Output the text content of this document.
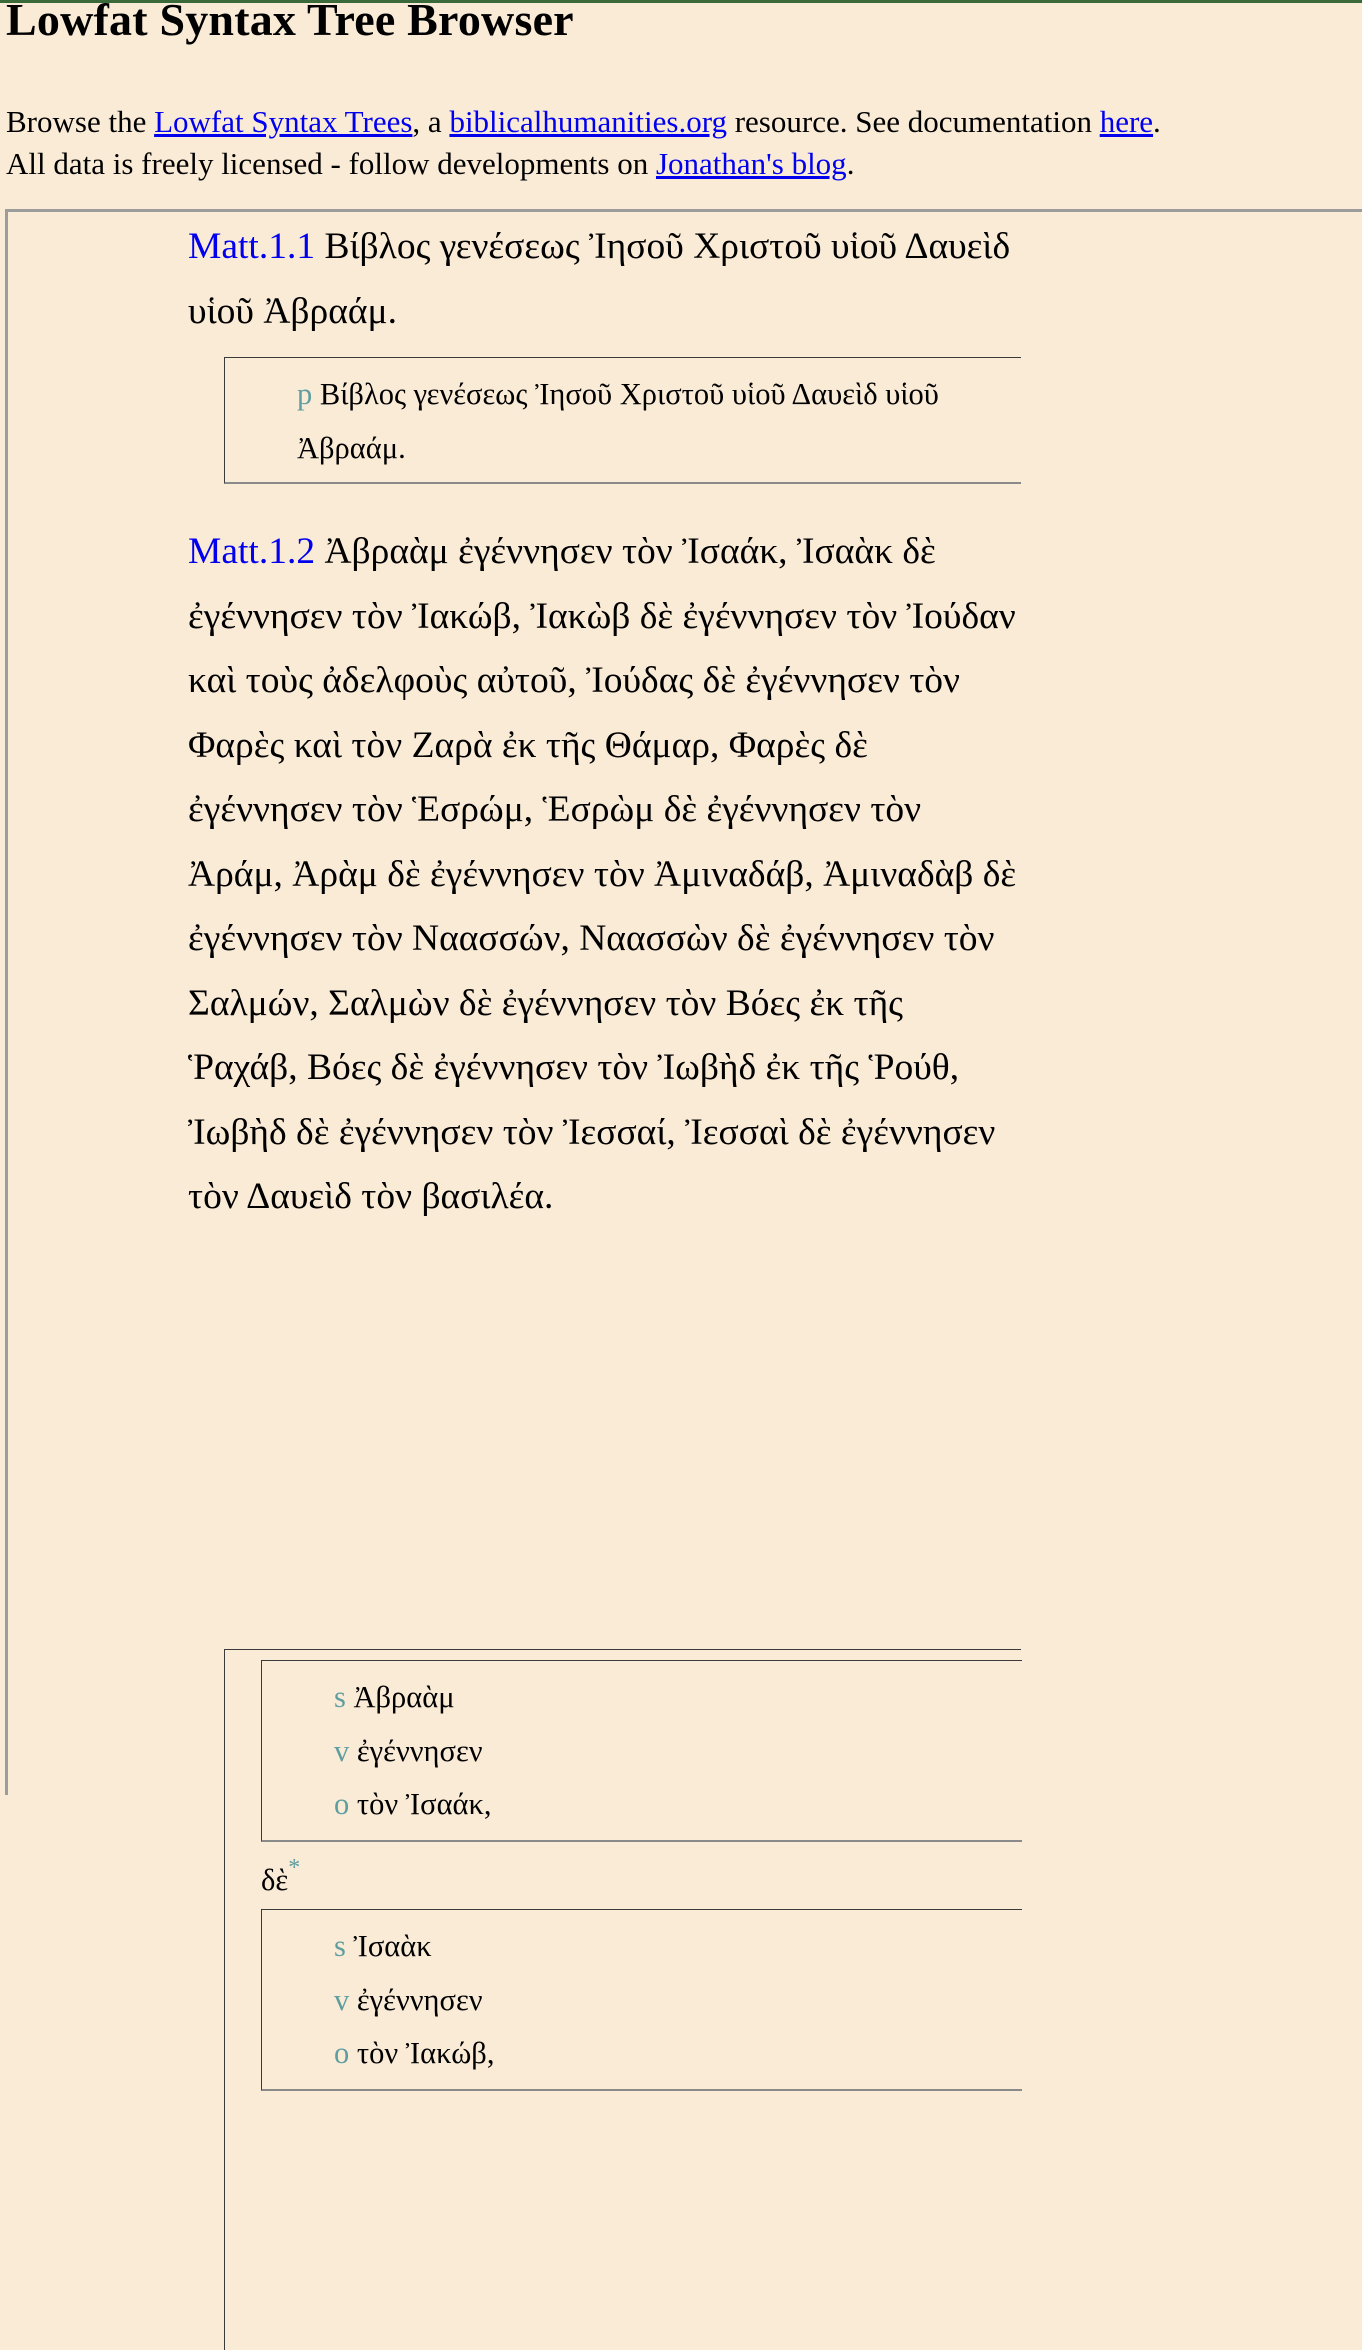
Lowfat Syntax Tree Browser
Browse the Lowfat Syntax Trees, a biblicalhumanities.org resource. See documentation here.
All data is freely licensed - follow developments on Jonathan's blog.

Matt.1.1 Βίβλος γενέσεως Ἰησοῦ Χριστοῦ υἱοῦ Δαυεὶδ υἱοῦ Ἀβραάμ.

p Βίβλος γενέσεως Ἰησοῦ Χριστοῦ υἱοῦ Δαυεὶδ υἱοῦ Ἀβραάμ.

Matt.1.2 Ἀβραὰμ ἐγέννησεν τὸν Ἰσαάκ, Ἰσαὰκ δὲ ἐγέννησεν τὸν Ἰακώβ, Ἰακὼβ δὲ ἐγέννησεν τὸν Ἰούδαν καὶ τοὺς ἀδελφοὺς αὐτοῦ, Ἰούδας δὲ ἐγέννησεν τὸν Φαρὲς καὶ τὸν Ζαρὰ ἐκ τῆς Θάμαρ, Φαρὲς δὲ ἐγέννησεν τὸν Ἑσρώμ, Ἑσρὼμ δὲ ἐγέννησεν τὸν Ἀράμ, Ἀρὰμ δὲ ἐγέννησεν τὸν Ἀμιναδάβ, Ἀμιναδὰβ δὲ ἐγέννησεν τὸν Ναασσών, Ναασσὼν δὲ ἐγέννησεν τὸν Σαλμών, Σαλμὼν δὲ ἐγέννησεν τὸν Βόες ἐκ τῆς Ῥαχάβ, Βόες δὲ ἐγέννησεν τὸν Ἰωβὴδ ἐκ τῆς Ῥούθ, Ἰωβὴδ δὲ ἐγέννησεν τὸν Ἰεσσαί, Ἰεσσαὶ δὲ ἐγέννησεν τὸν Δαυεὶδ τὸν βασιλέα.

s Ἀβραὰμ
v ἐγέννησεν
o τὸν Ἰσαάκ,
δὲ*
s Ἰσαὰκ
v ἐγέννησεν
o τὸν Ἰακώβ,
